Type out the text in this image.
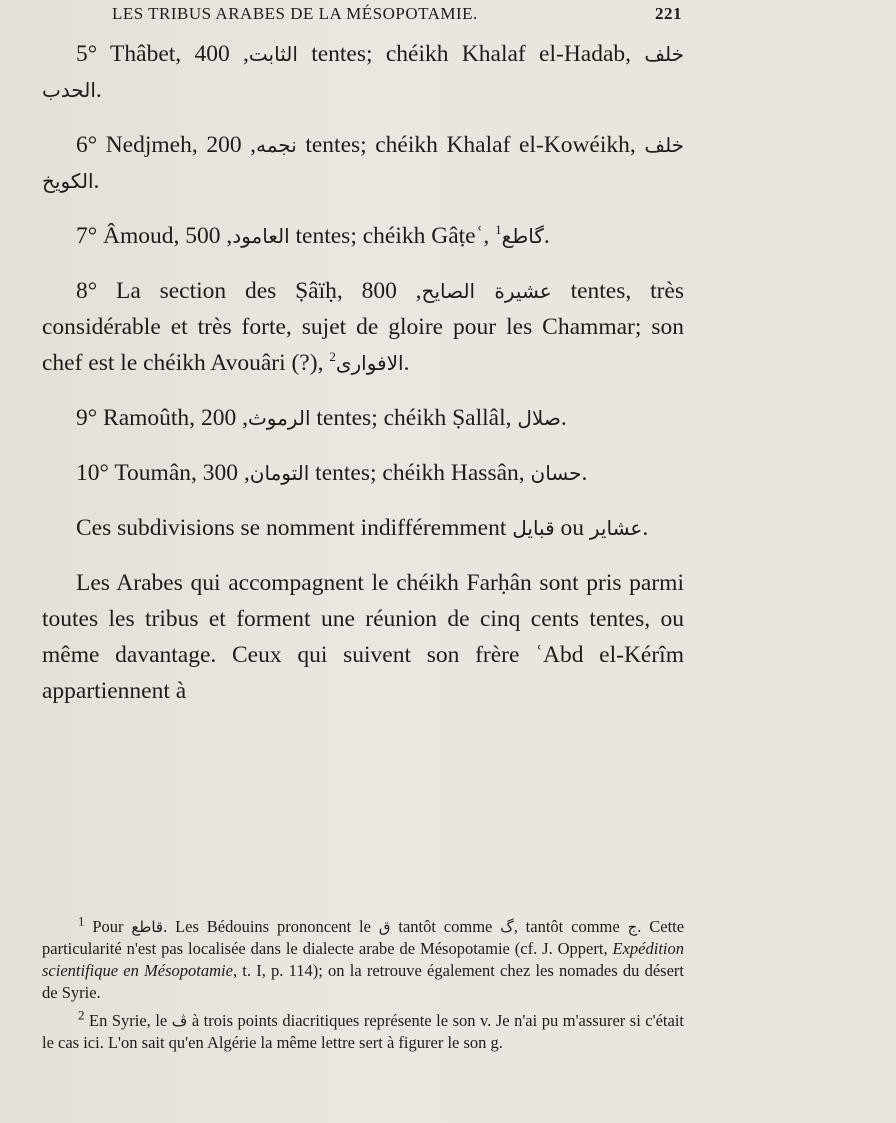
LES TRIBUS ARABES DE LA MÉSOPOTAMIE.	221

5° Thâbet,	الثابت, 400 tentes; chéikh Khalaf el-Hadab, خلف الحدب.

6° Nedjmeh,	نجمه, 200 tentes; chéikh Khalaf el-Kowéikh, خلف الكويخ.

7° Âmoud,	العامود, 500 tentes; chéikh Gâṭeʿ, گاطع$^1$ .

8° La section des Ṣâïḥ,	عشيرة الصايح, 800 tentes, très considérable et très forte, sujet de gloire pour les Chammar; son chef est le chéikh Avouâri (?), الافوارى$^2$	.

9° Ramoûth,	الرموث, 200 tentes; chéikh Ṣallâl, صلال.

10° Toumân,	التومان, 300 tentes; chéikh Hassân, حسان.

Ces subdivisions se nomment indifféremment قبايل ou عشاير.

Les Arabes qui accompagnent le chéikh Farḥân sont pris parmi toutes les tribus et forment une réunion de cinq cents tentes, ou même davantage. Ceux qui suivent son frère ʿAbd el-Kérîm appartiennent à

$^1$ Pour قاطع. Les Bédouins prononcent le ق tantôt comme گ, tantôt comme ج. Cette particularité n'est pas localisée dans le dialecte arabe de Mésopotamie (cf. J. Oppert, Expédition scientifique en Mésopotamie, t. I, p. 114); on la retrouve également chez les nomades du désert de Syrie.

$^2$ En Syrie, le ڤ à trois points diacritiques représente le son v. Je n'ai pu m'assurer si c'était le cas ici. L'on sait qu'en Algérie la même lettre sert à figurer le son g.
